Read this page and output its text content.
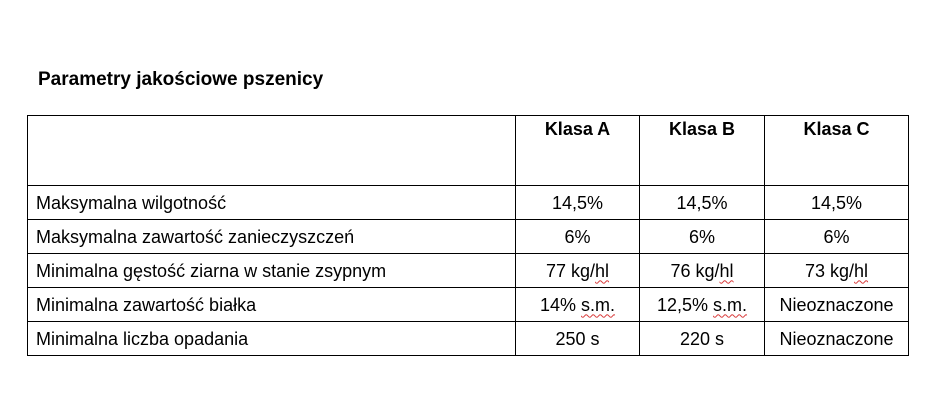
Parametry jakościowe pszenicy
	Klasa A	Klasa B	Klasa C
Maksymalna wilgotność	14,5%	14,5%	14,5%
Maksymalna zawartość zanieczyszczeń	6%	6%	6%
Minimalna gęstość ziarna w stanie zsypnym	77 kg/hl	76 kg/hl	73 kg/hl
Minimalna zawartość białka	14% s.m.	12,5% s.m.	Nieoznaczone
Minimalna liczba opadania	250 s	220 s	Nieoznaczone
